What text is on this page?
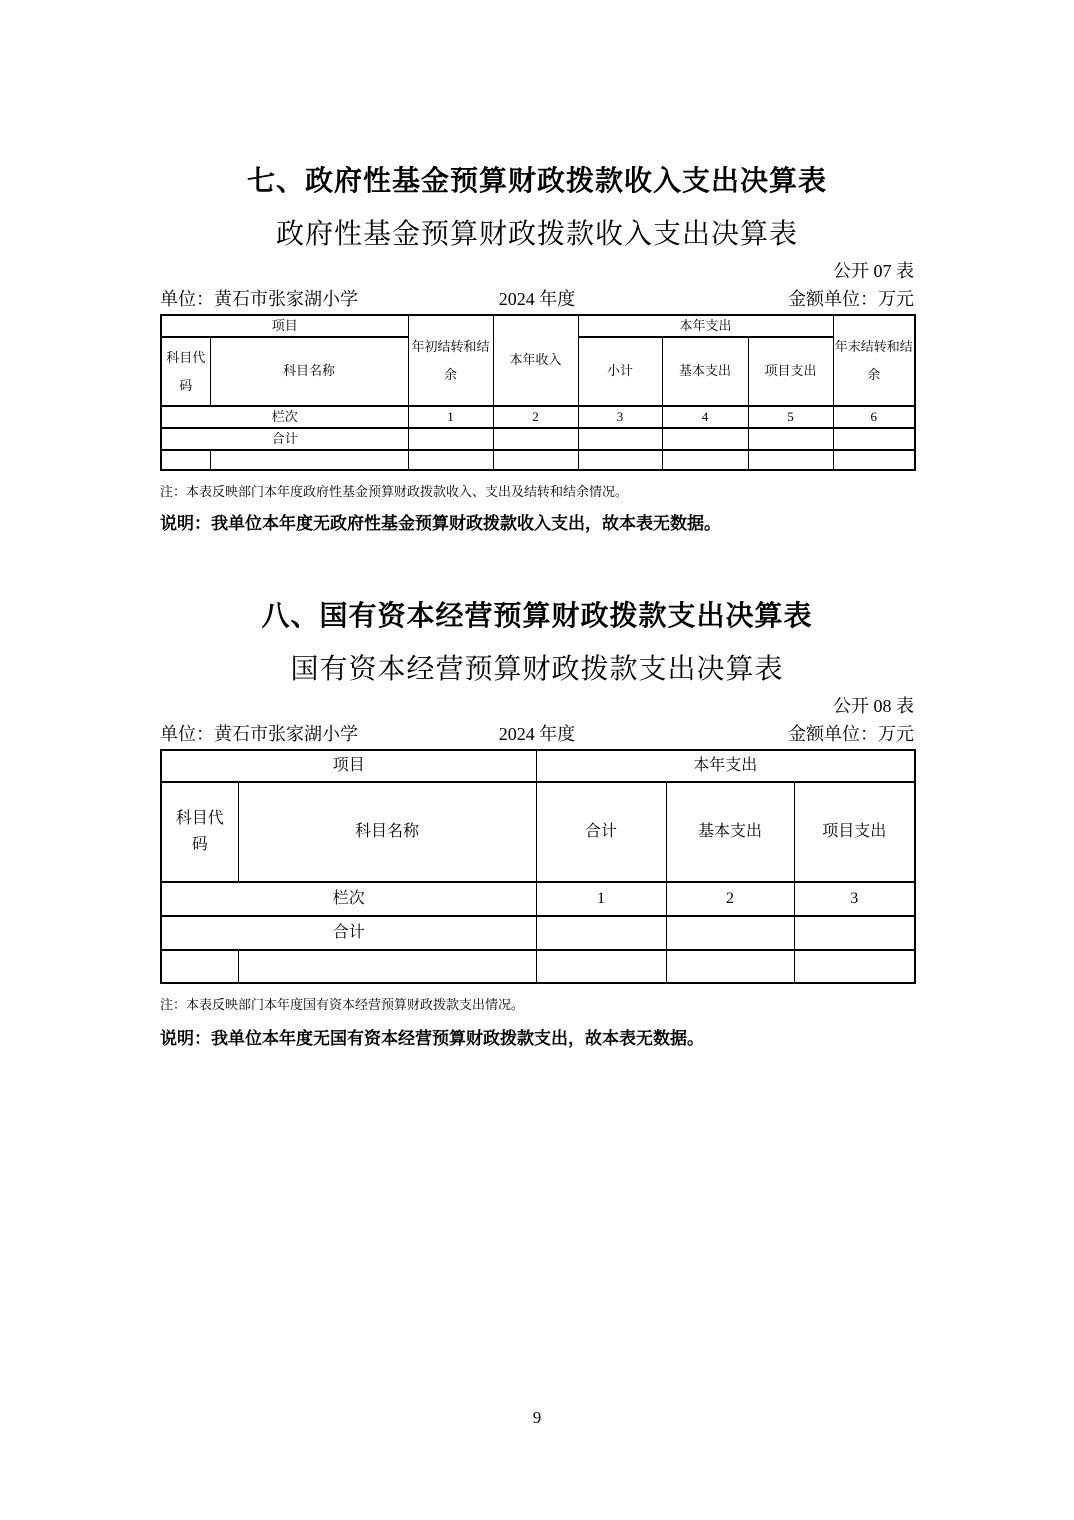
七、政府性基金预算财政拨款收入支出决算表
政府性基金预算财政拨款收入支出决算表
公开 07 表
单位：黄石市张家湖小学	2024 年度	金额单位：万元
项目		年初结转和结余	本年收入	本年支出			年末结转和结余
科目代码	科目名称			小计	基本支出	项目支出	
栏次		1	2	3	4	5	6
合计							

注：本表反映部门本年度政府性基金预算财政拨款收入、支出及结转和结余情况。
说明：我单位本年度无政府性基金预算财政拨款收入支出，故本表无数据。
八、国有资本经营预算财政拨款支出决算表
国有资本经营预算财政拨款支出决算表
公开 08 表
单位：黄石市张家湖小学	2024 年度	金额单位：万元
项目		本年支出		
科目代码	科目名称	合计	基本支出	项目支出
栏次		1	2	3
合计				

注：本表反映部门本年度国有资本经营预算财政拨款支出情况。
说明：我单位本年度无国有资本经营预算财政拨款支出，故本表无数据。
9
